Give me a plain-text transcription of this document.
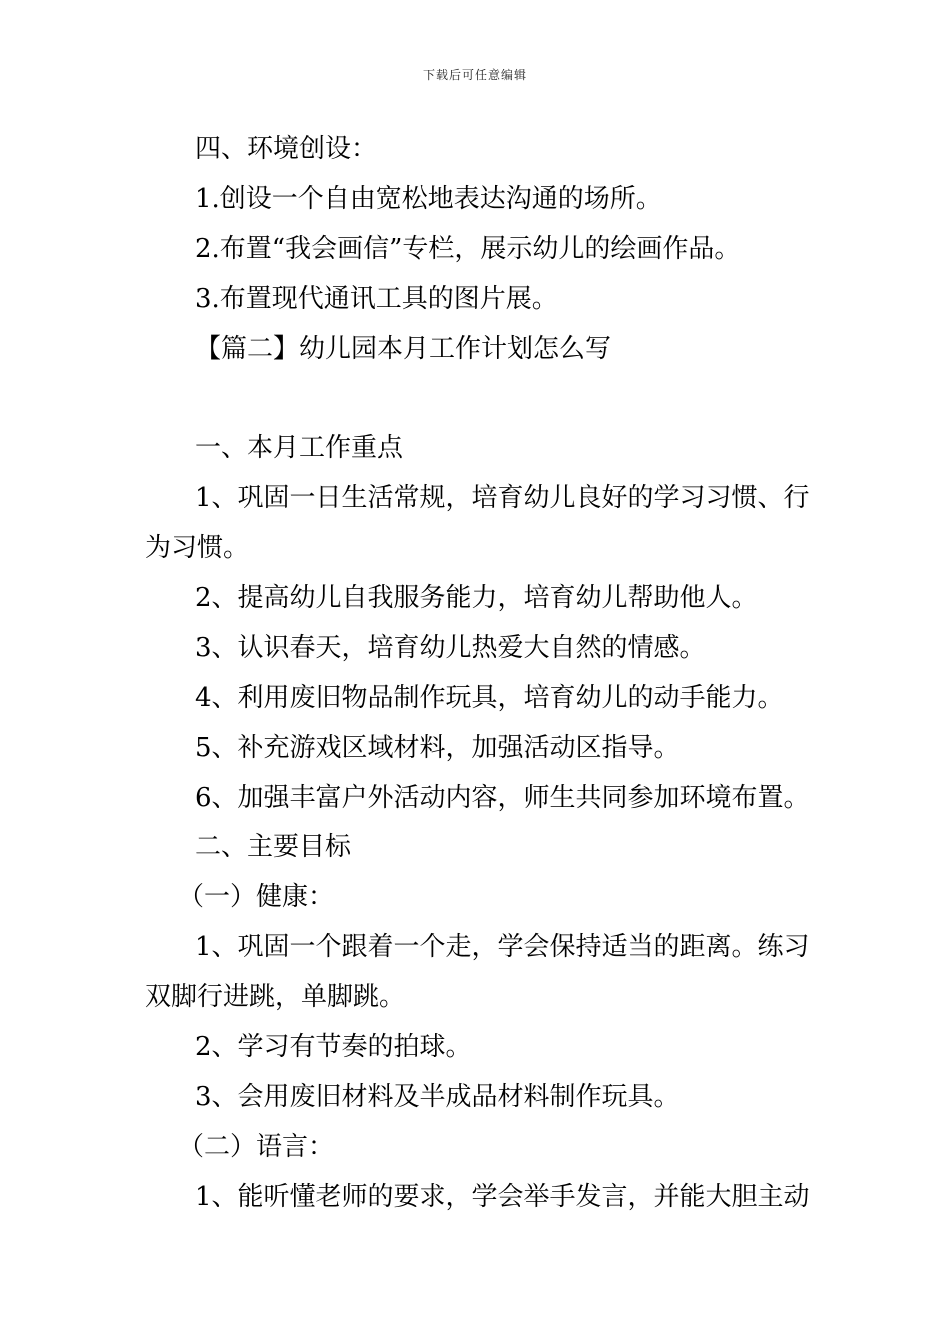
下载后可任意编辑
四、环境创设：
1.创设一个自由宽松地表达沟通的场所。
2.布置“我会画信”专栏，展示幼儿的绘画作品。
3.布置现代通讯工具的图片展。
【篇二】幼儿园本月工作计划怎么写
一、本月工作重点
1、巩固一日生活常规，培育幼儿良好的学习习惯、行
为习惯。
2、提高幼儿自我服务能力，培育幼儿帮助他人。
3、认识春天，培育幼儿热爱大自然的情感。
4、利用废旧物品制作玩具，培育幼儿的动手能力。
5、补充游戏区域材料，加强活动区指导。
6、加强丰富户外活动内容，师生共同参加环境布置。
二、主要目标
（一）健康：
1、巩固一个跟着一个走，学会保持适当的距离。练习
双脚行进跳，单脚跳。
2、学习有节奏的拍球。
3、会用废旧材料及半成品材料制作玩具。
（二）语言：
1、能听懂老师的要求，学会举手发言，并能大胆主动
